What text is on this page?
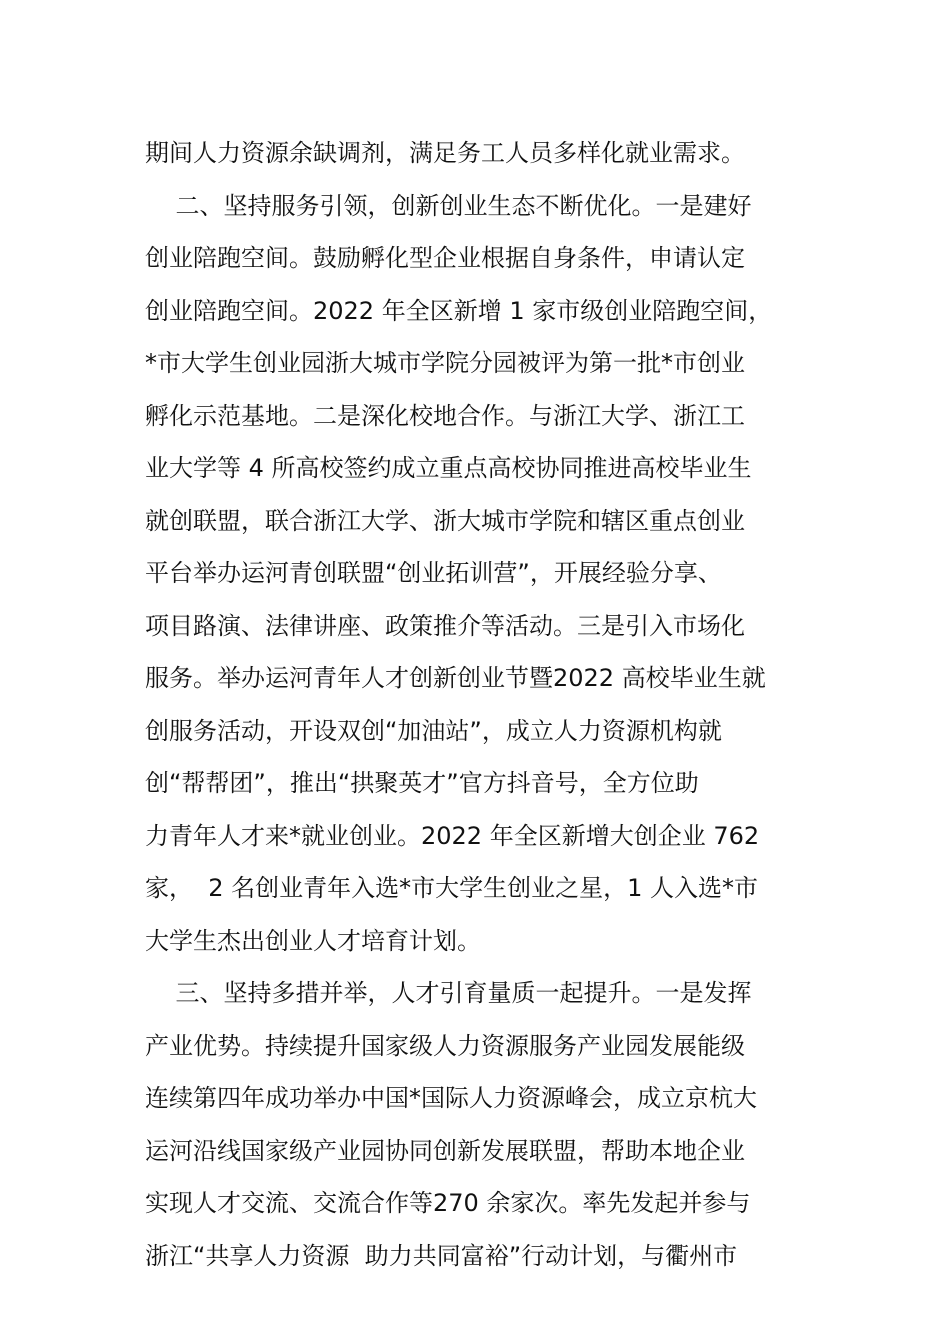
期间人力资源余缺调剂，满足务工人员多样化就业需求。
二、坚持服务引领，创新创业生态不断优化。一是建好
创业陪跑空间。鼓励孵化型企业根据自身条件，申请认定
创业陪跑空间。2022 年全区新增 1 家市级创业陪跑空间，
*市大学生创业园浙大城市学院分园被评为第一批*市创业
孵化示范基地。二是深化校地合作。与浙江大学、浙江工
业大学等 4 所高校签约成立重点高校协同推进高校毕业生
就创联盟，联合浙江大学、浙大城市学院和辖区重点创业
平台举办运河青创联盟“创业拓训营”，开展经验分享、
项目路演、法律讲座、政策推介等活动。三是引入市场化
服务。举办运河青年人才创新创业节暨2022 高校毕业生就
创服务活动，开设双创“加油站”，成立人力资源机构就
创“帮帮团”，推出“拱聚英才”官方抖音号，全方位助
力青年人才来*就业创业。2022 年全区新增大创企业 762
家，  2 名创业青年入选*市大学生创业之星，1 人入选*市
大学生杰出创业人才培育计划。
三、坚持多措并举，人才引育量质一起提升。一是发挥
产业优势。持续提升国家级人力资源服务产业园发展能级
连续第四年成功举办中国*国际人力资源峰会，成立京杭大
运河沿线国家级产业园协同创新发展联盟，帮助本地企业
实现人才交流、交流合作等270 余家次。率先发起并参与
浙江“共享人力资源  助力共同富裕”行动计划，与衢州市
